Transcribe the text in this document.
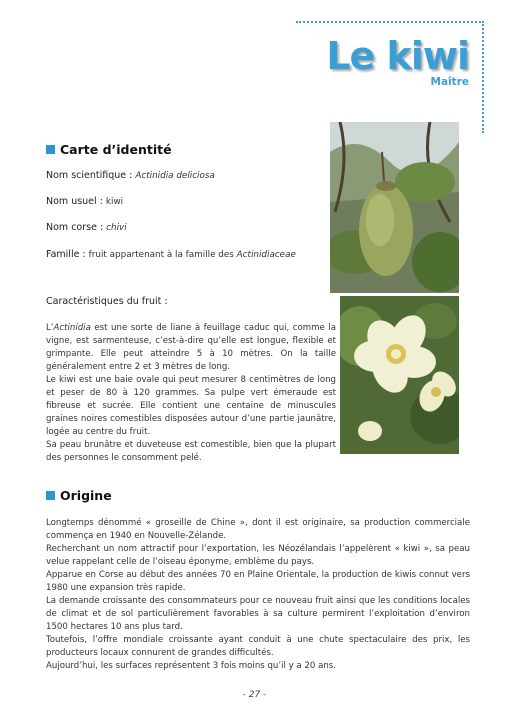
Le kiwi
Maître
Carte d’identité
Nom scientifique : Actinidia deliciosa
Nom usuel : kiwi
Nom corse : chivi
Famille : fruit appartenant à la famille des Actinidiaceae
Caractéristiques du fruit :

L’Actinidia est une sorte de liane à feuillage caduc qui, comme la vigne, est sarmenteuse, c’est-à-dire qu’elle est longue, flexible et grimpante. Elle peut atteindre 5 à 10 mètres. On la taille généralement entre 2 et 3 mètres de long.

Le kiwi est une baie ovale qui peut mesurer 8 centimètres de long et peser de 80 à 120 grammes. Sa pulpe vert émeraude est fibreuse et sucrée. Elle contient une centaine de minuscules graines noires comestibles disposées autour d’une partie jaunâtre, logée au centre du fruit.

Sa peau brunâtre et duveteuse est comestible, bien que la plupart des personnes le consomment pelé.

Origine

Longtemps dénommé « groseille de Chine », dont il est originaire, sa production commerciale commença en 1940 en Nouvelle-Zélande.

Recherchant un nom attractif pour l’exportation, les Néozélandais l’appelèrent « kiwi », sa peau velue rappelant celle de l’oiseau éponyme, emblème du pays.

Apparue en Corse au début des années 70 en Plaine Orientale, la production de kiwis connut vers 1980 une expansion très rapide.

La demande croissante des consommateurs pour ce nouveau fruit ainsi que les conditions locales de climat et de sol particulièrement favorables à sa culture permirent l’exploitation d’environ 1500 hectares 10 ans plus tard.

Toutefois, l’offre mondiale croissante ayant conduit à une chute spectaculaire des prix, les producteurs locaux connurent de grandes difficultés.

Aujourd’hui, les surfaces représentent 3 fois moins qu’il y a 20 ans.

- 27 -
